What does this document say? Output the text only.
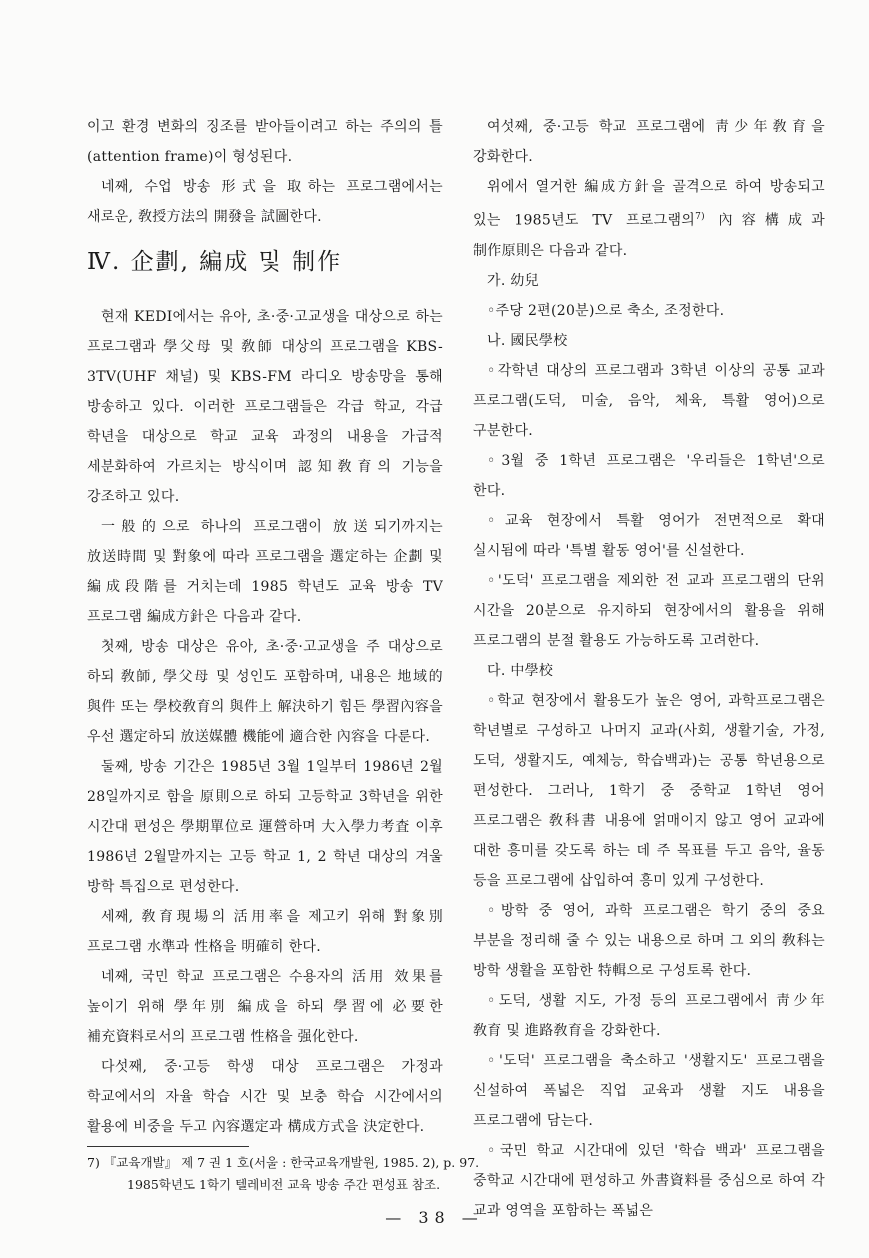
이고 환경 변화의 징조를 받아들이려고 하는 주의의 틀(attention frame)이 형성된다.

네째, 수업 방송 形式을 取하는 프로그램에서는 새로운, 敎授方法의 開發을 試圖한다.

Ⅳ. 企劃, 編成 및 制作

현재 KEDI에서는 유아, 초·중·고교생을 대상으로 하는 프로그램과 學父母 및 敎師 대상의 프로그램을 KBS-3TV(UHF 채널) 및 KBS-FM 라디오 방송망을 통해 방송하고 있다. 이러한 프로그램들은 각급 학교, 각급 학년을 대상으로 학교 교육 과정의 내용을 가급적 세분화하여 가르치는 방식이며 認知敎育의 기능을 강조하고 있다.

一般的으로 하나의 프로그램이 放送되기까지는 放送時間 및 對象에 따라 프로그램을 選定하는 企劃 및 編成段階를 거치는데 1985 학년도 교육 방송 TV 프로그램 編成方針은 다음과 같다.

첫째, 방송 대상은 유아, 초·중·고교생을 주 대상으로 하되 敎師, 學父母 및 성인도 포함하며, 내용은 地域的 與件 또는 學校敎育의 與件上 解決하기 힘든 學習內容을 우선 選定하되 放送媒體 機能에 適合한 內容을 다룬다.

둘째, 방송 기간은 1985년 3월 1일부터 1986년 2월 28일까지로 함을 原則으로 하되 고등학교 3학년을 위한 시간대 편성은 學期單位로 運營하며 大入學力考査 이후 1986년 2월말까지는 고등 학교 1, 2 학년 대상의 겨울 방학 특집으로 편성한다.

세째, 敎育現場의 活用率을 제고키 위해 對象別 프로그램 水準과 性格을 明確히 한다.

네째, 국민 학교 프로그램은 수용자의 活用 效果를 높이기 위해 學年別 編成을 하되 學習에 必要한 補充資料로서의 프로그램 性格을 强化한다.

다섯째, 중·고등 학생 대상 프로그램은 가정과 학교에서의 자율 학습 시간 및 보충 학습 시간에서의 활용에 비중을 두고 內容選定과 構成方式을 決定한다.

여섯째, 중·고등 학교 프로그램에 靑少年敎育을 강화한다.

위에서 열거한 編成方針을 골격으로 하여 방송되고 있는 1985년도 TV 프로그램의$^{7)}$ 內容構成과 制作原則은 다음과 같다.

가. 幼兒

◦주당 2편(20분)으로 축소, 조정한다.

나. 國民學校

◦각학년 대상의 프로그램과 3학년 이상의 공통 교과 프로그램(도덕, 미술, 음악, 체육, 특활 영어)으로 구분한다.

◦3월 중 1학년 프로그램은 '우리들은 1학년'으로 한다.

◦교육 현장에서 특활 영어가 전면적으로 확대 실시됨에 따라 '특별 활동 영어'를 신설한다.

◦'도덕' 프로그램을 제외한 전 교과 프로그램의 단위 시간을 20분으로 유지하되 현장에서의 활용을 위해 프로그램의 분절 활용도 가능하도록 고려한다.

다. 中學校

◦학교 현장에서 활용도가 높은 영어, 과학프로그램은 학년별로 구성하고 나머지 교과(사회, 생활기술, 가정, 도덕, 생활지도, 예체능, 학습백과)는 공통 학년용으로 편성한다. 그러나, 1학기 중 중학교 1학년 영어 프로그램은 敎科書 내용에 얽매이지 않고 영어 교과에 대한 흥미를 갖도록 하는 데 주 목표를 두고 음악, 율동 등을 프로그램에 삽입하여 흥미 있게 구성한다.

◦방학 중 영어, 과학 프로그램은 학기 중의 중요 부분을 정리해 줄 수 있는 내용으로 하며 그 외의 敎科는 방학 생활을 포함한 特輯으로 구성토록 한다.

◦도덕, 생활 지도, 가정 등의 프로그램에서 靑少年 敎育 및 進路敎育을 강화한다.

◦'도덕' 프로그램을 축소하고 '생활지도' 프로그램을 신설하여 폭넓은 직업 교육과 생활 지도 내용을 프로그램에 담는다.

◦국민 학교 시간대에 있던 '학습 백과' 프로그램을 중학교 시간대에 편성하고 外書資料를 중심으로 하여 각 교과 영역을 포함하는 폭넓은

7) 『교육개발』 제 7 권 1 호(서울 : 한국교육개발원, 1985. 2), p. 97.
1985학년도 1학기 텔레비전 교육 방송 주간 편성표 참조.
— 38 —
